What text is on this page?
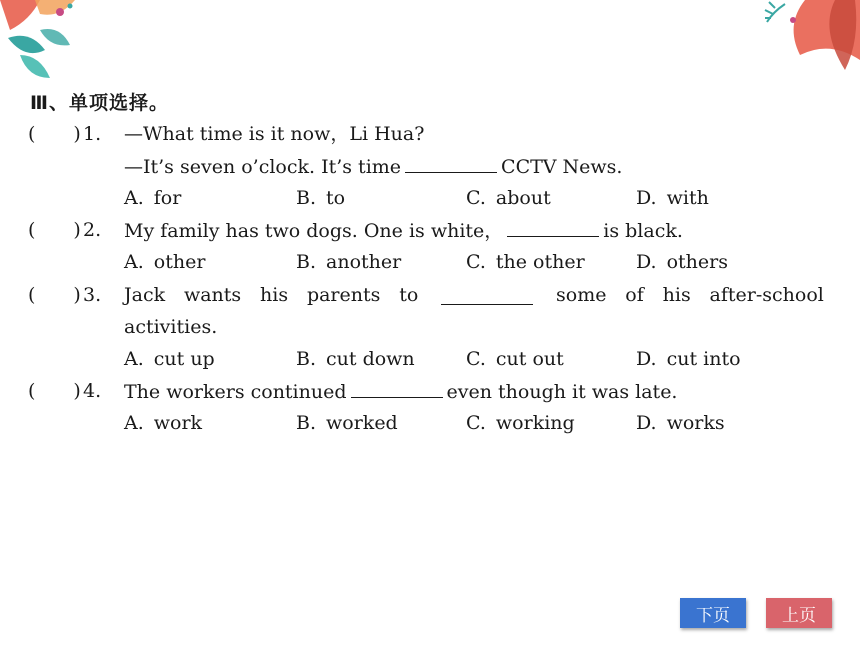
Ⅲ、单项选择。
(　　) 1. —What time is it now，Li Hua?
—It’s seven o’clock. It’s time	CCTV News.
A. for	B. to	C. about	D. with
(　　) 2. My family has two dogs. One is white，	is black.
A. other	B. another	C. the other	D. others
(　　) 3. Jack wants his parents to	some of his after-school
activities.
A. cut up	B. cut down	C. cut out	D. cut into
(　　) 4. The workers continued	even though it was late.
A. work	B. worked	C. working	D. works
下页	上页
